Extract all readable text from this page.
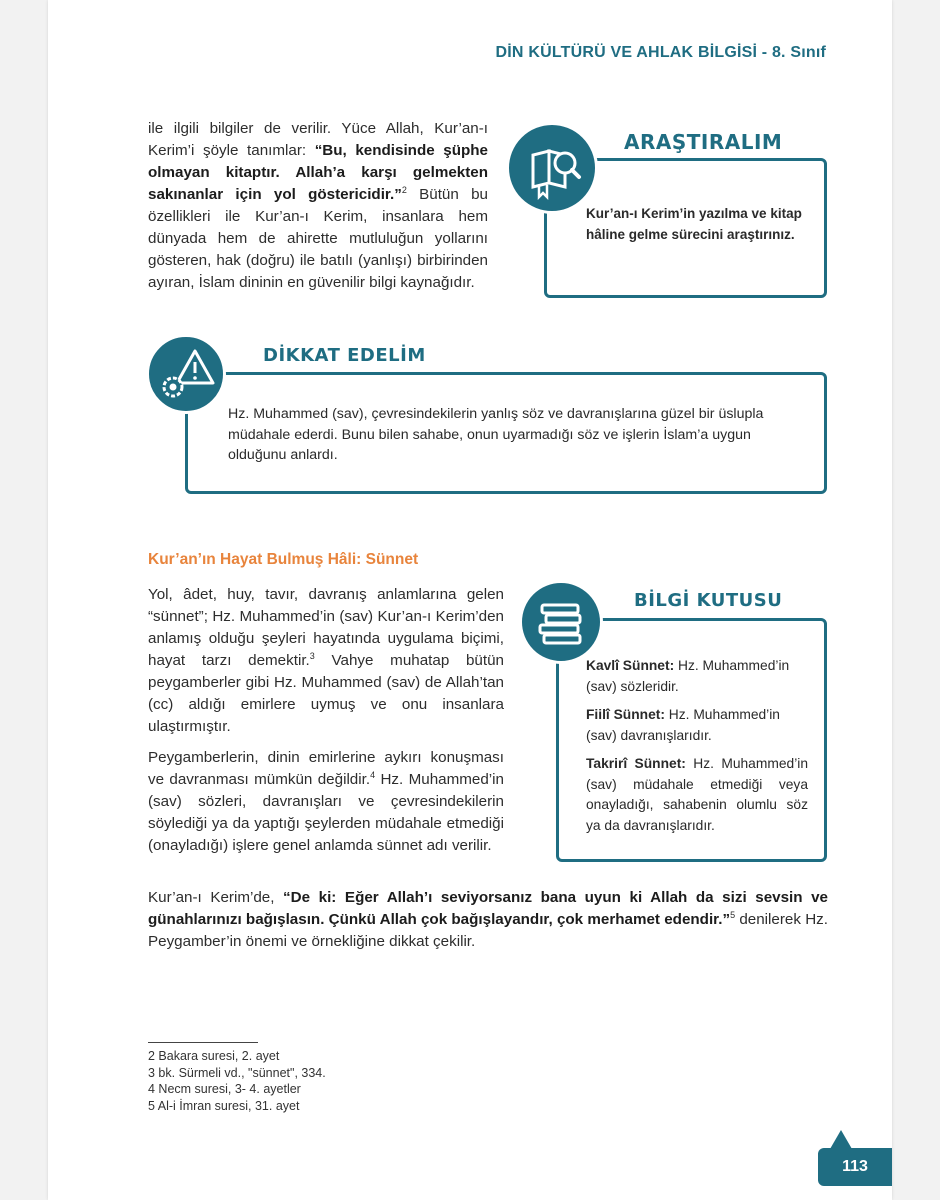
DİN KÜLTÜRÜ VE AHLAK BİLGİSİ - 8. Sınıf
ile ilgili bilgiler de verilir. Yüce Allah, Kur’an-ı Kerim’i şöyle tanımlar: “Bu, kendisinde şüphe olmayan kitaptır. Allah’a karşı gelmekten sakınanlar için yol göstericidir.”$^2$ Bütün bu özellikleri ile Kur’an-ı Kerim, insanlara hem dünyada hem de ahirette mutluluğun yollarını gösteren, hak (doğru) ile batılı (yanlışı) birbirinden ayıran, İslam dininin en güvenilir bilgi kaynağıdır.
ARAŞTIRALIM
Kur’an-ı Kerim’in yazılma ve kitap hâline gelme sürecini araştırınız.
DİKKAT EDELİM
Hz. Muhammed (sav), çevresindekilerin yanlış söz ve davranışlarına güzel bir üslupla müdahale ederdi. Bunu bilen sahabe, onun uyarmadığı söz ve işlerin İslam’a uygun olduğunu anlardı.
Kur’an’ın Hayat Bulmuş Hâli: Sünnet
Yol, âdet, huy, tavır, davranış anlamlarına gelen “sünnet”; Hz. Muhammed’in (sav) Kur’an-ı Kerim’den anlamış olduğu şeyleri hayatında uygulama biçimi, hayat tarzı demektir.$^3$ Vahye muhatap bütün peygamberler gibi Hz. Muhammed (sav) de Allah’tan (cc) aldığı emirlere uymuş ve onu insanlara ulaştırmıştır.
Peygamberlerin, dinin emirlerine aykırı konuşması ve davranması mümkün değildir.$^4$ Hz. Muhammed’in (sav) sözleri, davranışları ve çevresindekilerin söylediği ya da yaptığı şeylerden müdahale etmediği (onayladığı) işlere genel anlamda sünnet adı verilir.
BİLGİ KUTUSU

Kavlî Sünnet: Hz. Muhammed’in (sav) sözleridir.

Fiilî Sünnet: Hz. Muhammed’in (sav) davranışlarıdır.

Takrirî Sünnet: Hz. Muhammed’in (sav) müdahale etmediği veya onayladığı, sahabenin olumlu söz ya da davranışlarıdır.

Kur’an-ı Kerim’de, “De ki: Eğer Allah’ı seviyorsanız bana uyun ki Allah da sizi sevsin ve günahlarınızı bağışlasın. Çünkü Allah çok bağışlayandır, çok merhamet edendir.”$^5$ denilerek Hz. Peygamber’in önemi ve örnekliğine dikkat çekilir.
2 Bakara suresi, 2. ayet
3 bk. Sürmeli vd., "sünnet", 334.
4 Necm suresi, 3- 4. ayetler
5 Al-i İmran suresi, 31. ayet
113
